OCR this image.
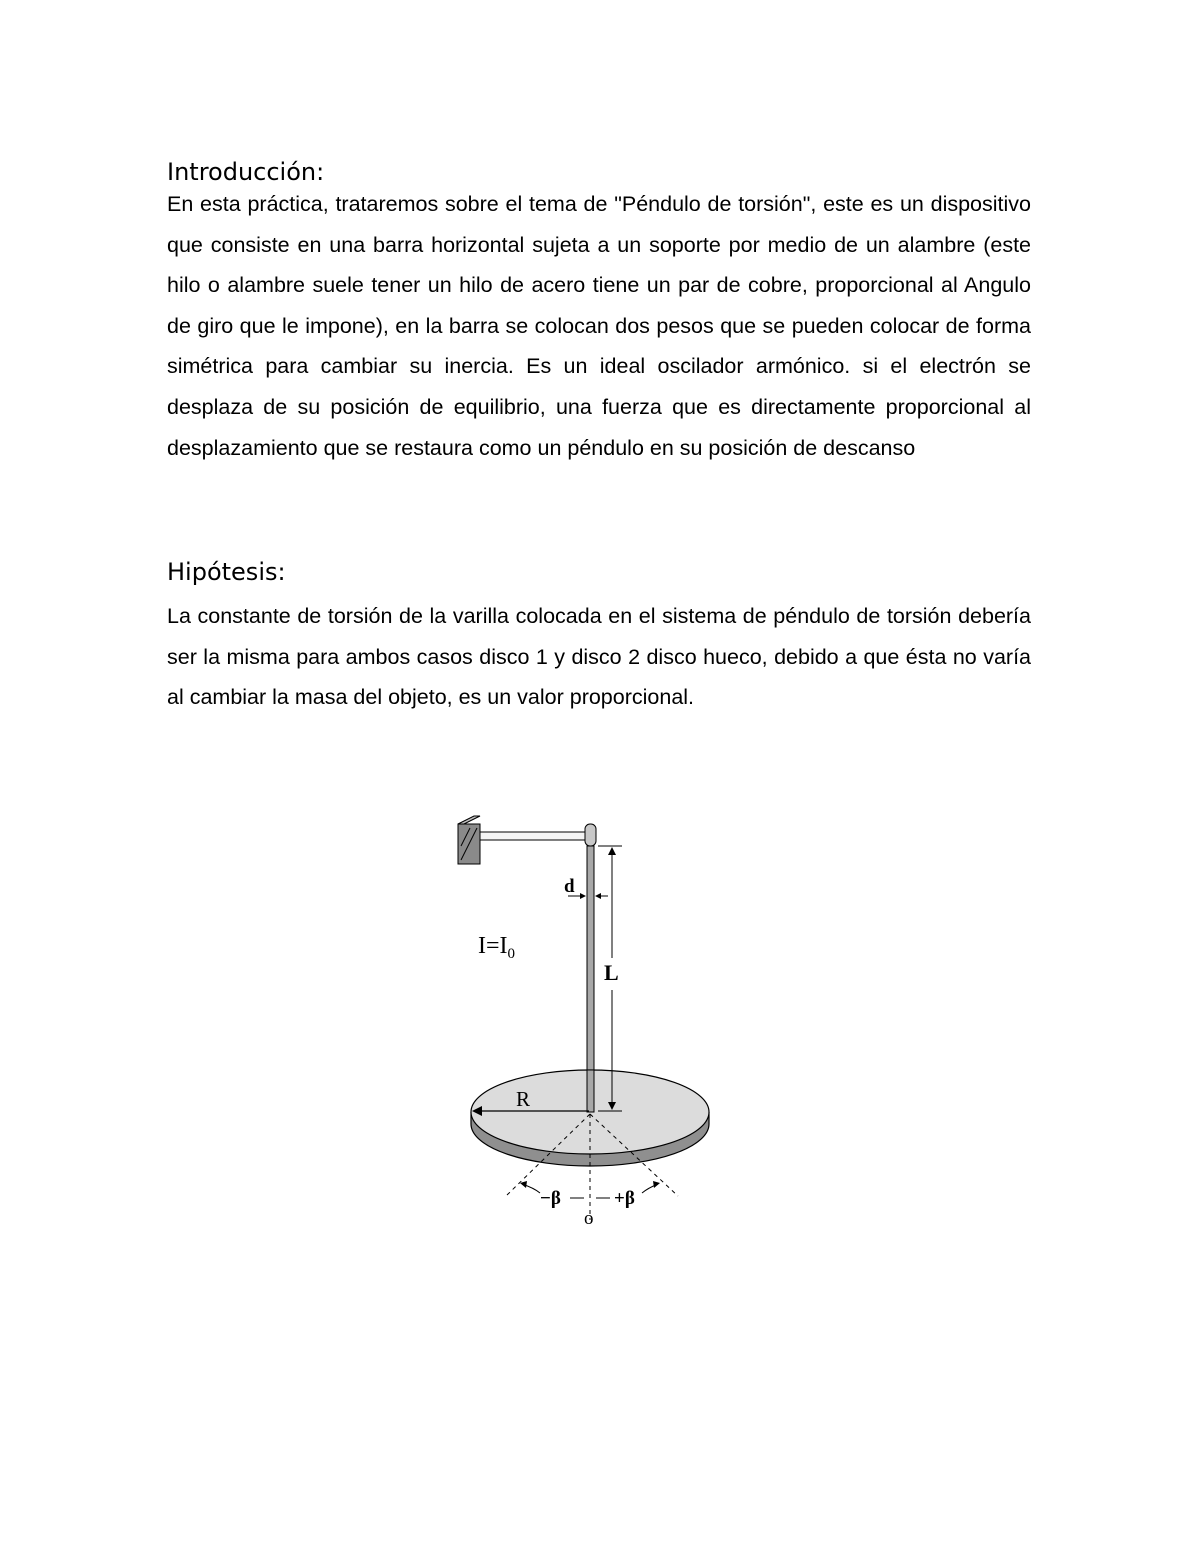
Introducción:

En esta práctica, trataremos sobre el tema de "Péndulo de torsión", este es un dispositivo que consiste en una barra horizontal sujeta a un soporte por medio de un alambre (este hilo o alambre suele tener un hilo de acero tiene un par de cobre, proporcional al Angulo de giro que le impone), en la barra se colocan dos pesos que se pueden colocar de forma simétrica para cambiar su inercia. Es un ideal oscilador armónico. si el electrón se desplaza de su posición de equilibrio, una fuerza que es directamente proporcional al desplazamiento que se restaura como un péndulo en su posición de descanso

Hipótesis:

La constante de torsión de la varilla colocada en el sistema de péndulo de torsión debería ser la misma para ambos casos disco 1 y disco 2 disco hueco, debido a que ésta no varía al cambiar la masa del objeto, es un valor proporcional.

d
L
$I=I_0$
R
−β	+β
o
